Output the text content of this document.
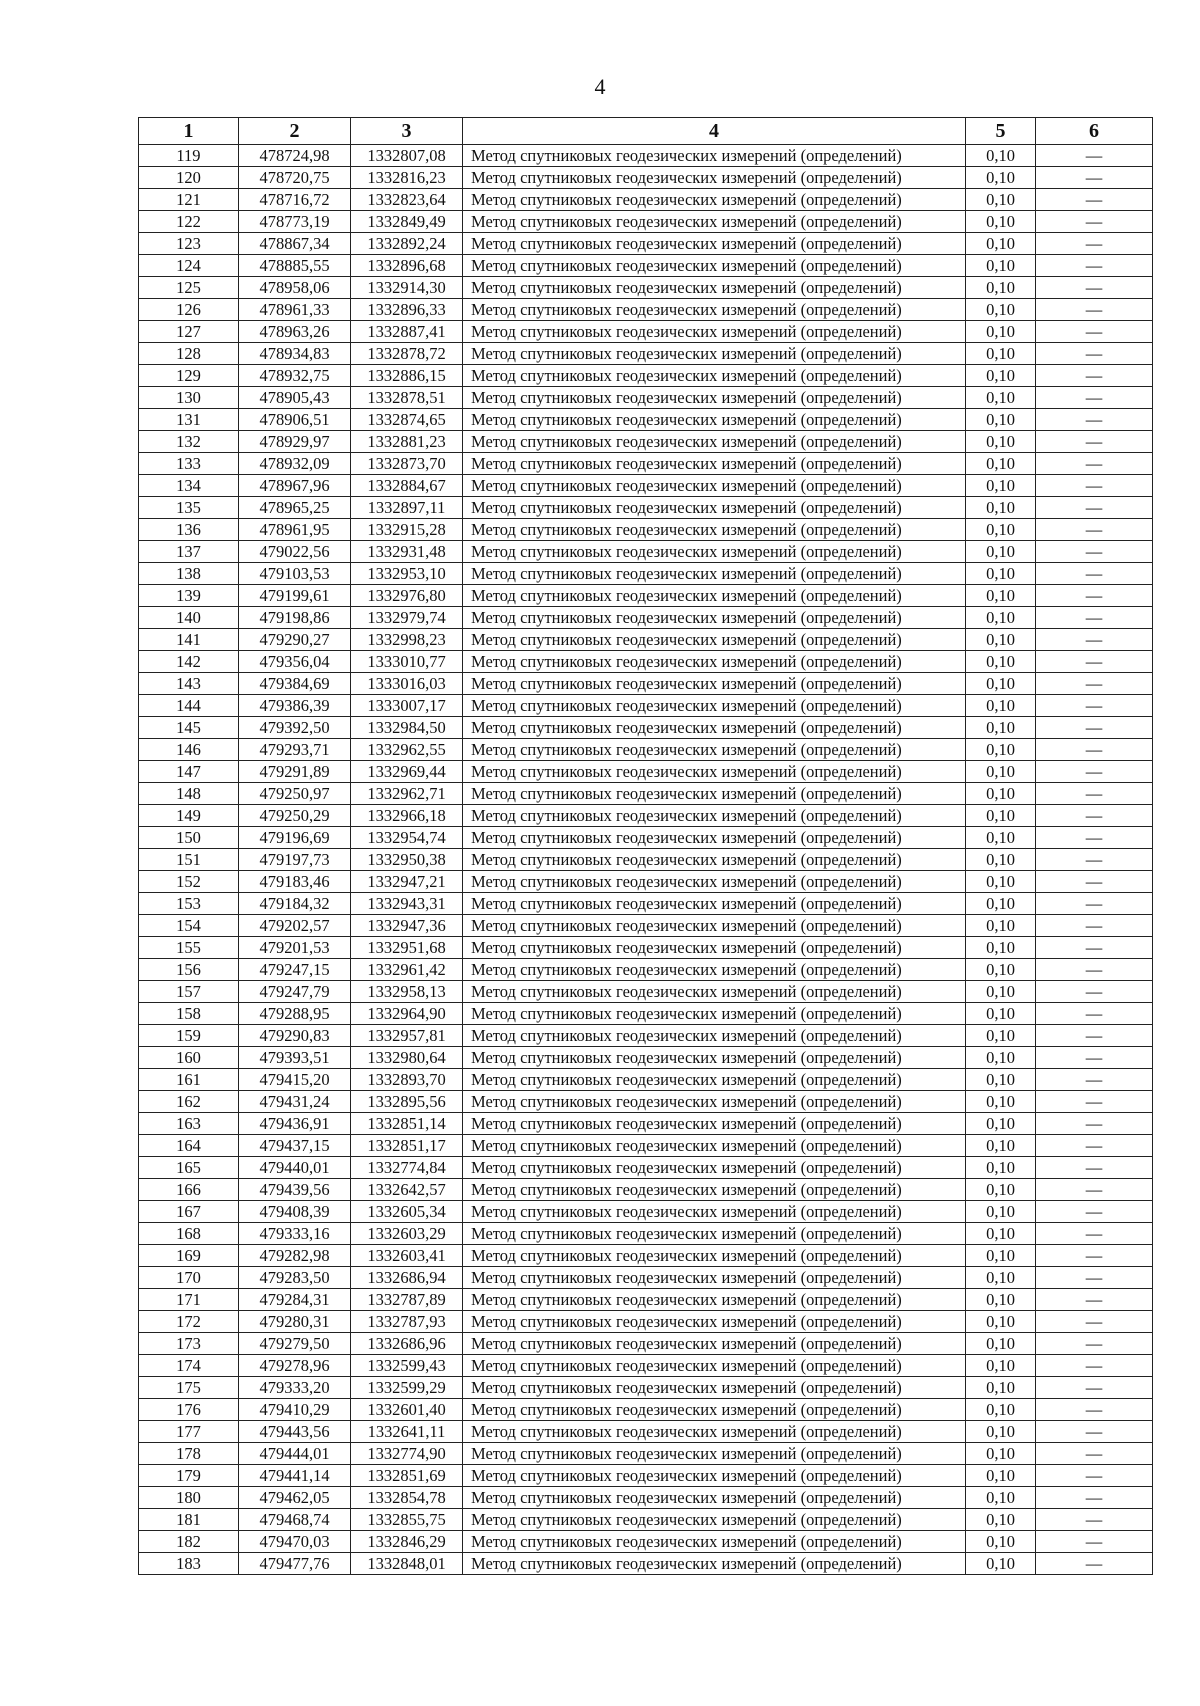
4
1	2	3	4	5	6
119	478724,98	1332807,08	Метод спутниковых геодезических измерений (определений)	0,10	—
120	478720,75	1332816,23	Метод спутниковых геодезических измерений (определений)	0,10	—
121	478716,72	1332823,64	Метод спутниковых геодезических измерений (определений)	0,10	—
122	478773,19	1332849,49	Метод спутниковых геодезических измерений (определений)	0,10	—
123	478867,34	1332892,24	Метод спутниковых геодезических измерений (определений)	0,10	—
124	478885,55	1332896,68	Метод спутниковых геодезических измерений (определений)	0,10	—
125	478958,06	1332914,30	Метод спутниковых геодезических измерений (определений)	0,10	—
126	478961,33	1332896,33	Метод спутниковых геодезических измерений (определений)	0,10	—
127	478963,26	1332887,41	Метод спутниковых геодезических измерений (определений)	0,10	—
128	478934,83	1332878,72	Метод спутниковых геодезических измерений (определений)	0,10	—
129	478932,75	1332886,15	Метод спутниковых геодезических измерений (определений)	0,10	—
130	478905,43	1332878,51	Метод спутниковых геодезических измерений (определений)	0,10	—
131	478906,51	1332874,65	Метод спутниковых геодезических измерений (определений)	0,10	—
132	478929,97	1332881,23	Метод спутниковых геодезических измерений (определений)	0,10	—
133	478932,09	1332873,70	Метод спутниковых геодезических измерений (определений)	0,10	—
134	478967,96	1332884,67	Метод спутниковых геодезических измерений (определений)	0,10	—
135	478965,25	1332897,11	Метод спутниковых геодезических измерений (определений)	0,10	—
136	478961,95	1332915,28	Метод спутниковых геодезических измерений (определений)	0,10	—
137	479022,56	1332931,48	Метод спутниковых геодезических измерений (определений)	0,10	—
138	479103,53	1332953,10	Метод спутниковых геодезических измерений (определений)	0,10	—
139	479199,61	1332976,80	Метод спутниковых геодезических измерений (определений)	0,10	—
140	479198,86	1332979,74	Метод спутниковых геодезических измерений (определений)	0,10	—
141	479290,27	1332998,23	Метод спутниковых геодезических измерений (определений)	0,10	—
142	479356,04	1333010,77	Метод спутниковых геодезических измерений (определений)	0,10	—
143	479384,69	1333016,03	Метод спутниковых геодезических измерений (определений)	0,10	—
144	479386,39	1333007,17	Метод спутниковых геодезических измерений (определений)	0,10	—
145	479392,50	1332984,50	Метод спутниковых геодезических измерений (определений)	0,10	—
146	479293,71	1332962,55	Метод спутниковых геодезических измерений (определений)	0,10	—
147	479291,89	1332969,44	Метод спутниковых геодезических измерений (определений)	0,10	—
148	479250,97	1332962,71	Метод спутниковых геодезических измерений (определений)	0,10	—
149	479250,29	1332966,18	Метод спутниковых геодезических измерений (определений)	0,10	—
150	479196,69	1332954,74	Метод спутниковых геодезических измерений (определений)	0,10	—
151	479197,73	1332950,38	Метод спутниковых геодезических измерений (определений)	0,10	—
152	479183,46	1332947,21	Метод спутниковых геодезических измерений (определений)	0,10	—
153	479184,32	1332943,31	Метод спутниковых геодезических измерений (определений)	0,10	—
154	479202,57	1332947,36	Метод спутниковых геодезических измерений (определений)	0,10	—
155	479201,53	1332951,68	Метод спутниковых геодезических измерений (определений)	0,10	—
156	479247,15	1332961,42	Метод спутниковых геодезических измерений (определений)	0,10	—
157	479247,79	1332958,13	Метод спутниковых геодезических измерений (определений)	0,10	—
158	479288,95	1332964,90	Метод спутниковых геодезических измерений (определений)	0,10	—
159	479290,83	1332957,81	Метод спутниковых геодезических измерений (определений)	0,10	—
160	479393,51	1332980,64	Метод спутниковых геодезических измерений (определений)	0,10	—
161	479415,20	1332893,70	Метод спутниковых геодезических измерений (определений)	0,10	—
162	479431,24	1332895,56	Метод спутниковых геодезических измерений (определений)	0,10	—
163	479436,91	1332851,14	Метод спутниковых геодезических измерений (определений)	0,10	—
164	479437,15	1332851,17	Метод спутниковых геодезических измерений (определений)	0,10	—
165	479440,01	1332774,84	Метод спутниковых геодезических измерений (определений)	0,10	—
166	479439,56	1332642,57	Метод спутниковых геодезических измерений (определений)	0,10	—
167	479408,39	1332605,34	Метод спутниковых геодезических измерений (определений)	0,10	—
168	479333,16	1332603,29	Метод спутниковых геодезических измерений (определений)	0,10	—
169	479282,98	1332603,41	Метод спутниковых геодезических измерений (определений)	0,10	—
170	479283,50	1332686,94	Метод спутниковых геодезических измерений (определений)	0,10	—
171	479284,31	1332787,89	Метод спутниковых геодезических измерений (определений)	0,10	—
172	479280,31	1332787,93	Метод спутниковых геодезических измерений (определений)	0,10	—
173	479279,50	1332686,96	Метод спутниковых геодезических измерений (определений)	0,10	—
174	479278,96	1332599,43	Метод спутниковых геодезических измерений (определений)	0,10	—
175	479333,20	1332599,29	Метод спутниковых геодезических измерений (определений)	0,10	—
176	479410,29	1332601,40	Метод спутниковых геодезических измерений (определений)	0,10	—
177	479443,56	1332641,11	Метод спутниковых геодезических измерений (определений)	0,10	—
178	479444,01	1332774,90	Метод спутниковых геодезических измерений (определений)	0,10	—
179	479441,14	1332851,69	Метод спутниковых геодезических измерений (определений)	0,10	—
180	479462,05	1332854,78	Метод спутниковых геодезических измерений (определений)	0,10	—
181	479468,74	1332855,75	Метод спутниковых геодезических измерений (определений)	0,10	—
182	479470,03	1332846,29	Метод спутниковых геодезических измерений (определений)	0,10	—
183	479477,76	1332848,01	Метод спутниковых геодезических измерений (определений)	0,10	—
